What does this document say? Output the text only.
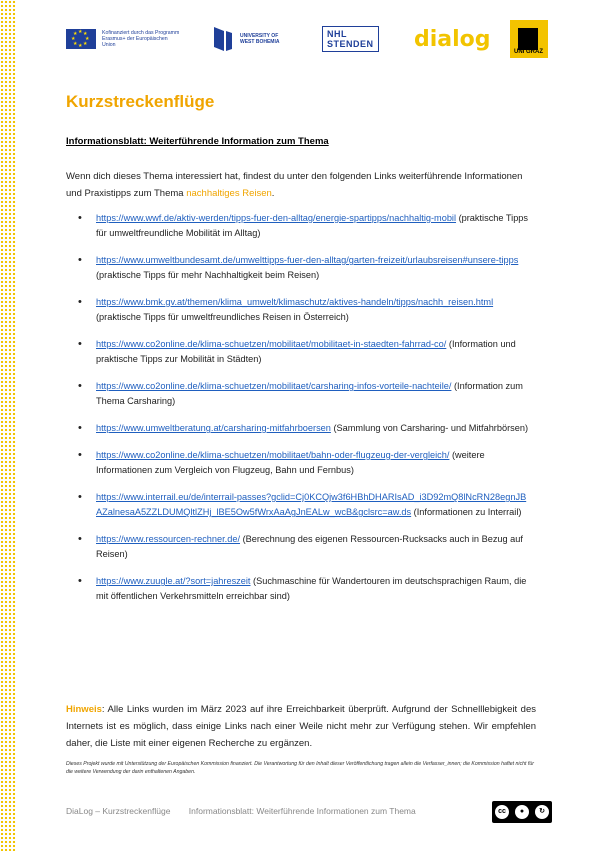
★ ★
★
★
★
★
★
★	Kofinanziert durch das Programm Erasmus+ der Europäischen Union
UNIVERSITY OF WEST BOHEMIA
NHL
STENDEN dialog
UNI GRAZ
Kurzstreckenflüge
Informationsblatt: Weiterführende Information zum Thema
Wenn dich dieses Thema interessiert hat, findest du unter den folgenden Links weiterführende Informationen und Praxistipps zum Thema nachhaltiges Reisen.
• https://www.wwf.de/aktiv-werden/tipps-fuer-den-alltag/energie-spartipps/nachhaltig-mobil (praktische Tipps für umweltfreundliche Mobilität im Alltag)
• https://www.umweltbundesamt.de/umwelttipps-fuer-den-alltag/garten-freizeit/urlaubsreisen#unsere-tipps (praktische Tipps für mehr Nachhaltigkeit beim Reisen)
• https://www.bmk.gv.at/themen/klima_umwelt/klimaschutz/aktives-handeln/tipps/nachh_reisen.html (praktische Tipps für umweltfreundliches Reisen in Österreich)
• https://www.co2online.de/klima-schuetzen/mobilitaet/mobilitaet-in-staedten-fahrrad-co/ (Information und praktische Tipps zur Mobilität in Städten)
• https://www.co2online.de/klima-schuetzen/mobilitaet/carsharing-infos-vorteile-nachteile/ (Information zum Thema Carsharing)
• https://www.umweltberatung.at/carsharing-mitfahrboersen (Sammlung von Carsharing- und Mitfahrbörsen)
• https://www.co2online.de/klima-schuetzen/mobilitaet/bahn-oder-flugzeug-der-vergleich/ (weitere Informationen zum Vergleich von Flugzeug, Bahn und Fernbus)
• https://www.interrail.eu/de/interrail-passes?gclid=Cj0KCQjw3f6HBhDHARIsAD_i3D92mQ8lNcRN28egnJBAZalnesaA5ZZLDUMQltlZHj_lBE5Ow5fWrxAaAgJnEALw_wcB&gclsrc=aw.ds (Informationen zu Interrail)
• https://www.ressourcen-rechner.de/ (Berechnung des eigenen Ressourcen-Rucksacks auch in Bezug auf Reisen)
• https://www.zuugle.at/?sort=jahreszeit (Suchmaschine für Wandertouren im deutschsprachigen Raum, die mit öffentlichen Verkehrsmitteln erreichbar sind)
Hinweis: Alle Links wurden im März 2023 auf ihre Erreichbarkeit überprüft. Aufgrund der Schnelllebigkeit des Internets ist es möglich, dass einige Links nach einer Weile nicht mehr zur Verfügung stehen. Wir empfehlen daher, die Liste mit einer eigenen Recherche zu ergänzen.
Dieses Projekt wurde mit Unterstützung der Europäischen Kommission finanziert. Die Verantwortung für den Inhalt dieser Veröffentlichung tragen allein die Verfasser_innen; die Kommission haftet nicht für die weitere Verwendung der darin enthaltenen Angaben.
DiaLog – Kurzstreckenflüge Informationsblatt: Weiterführende Informationen zum Thema	cc	●	↻
